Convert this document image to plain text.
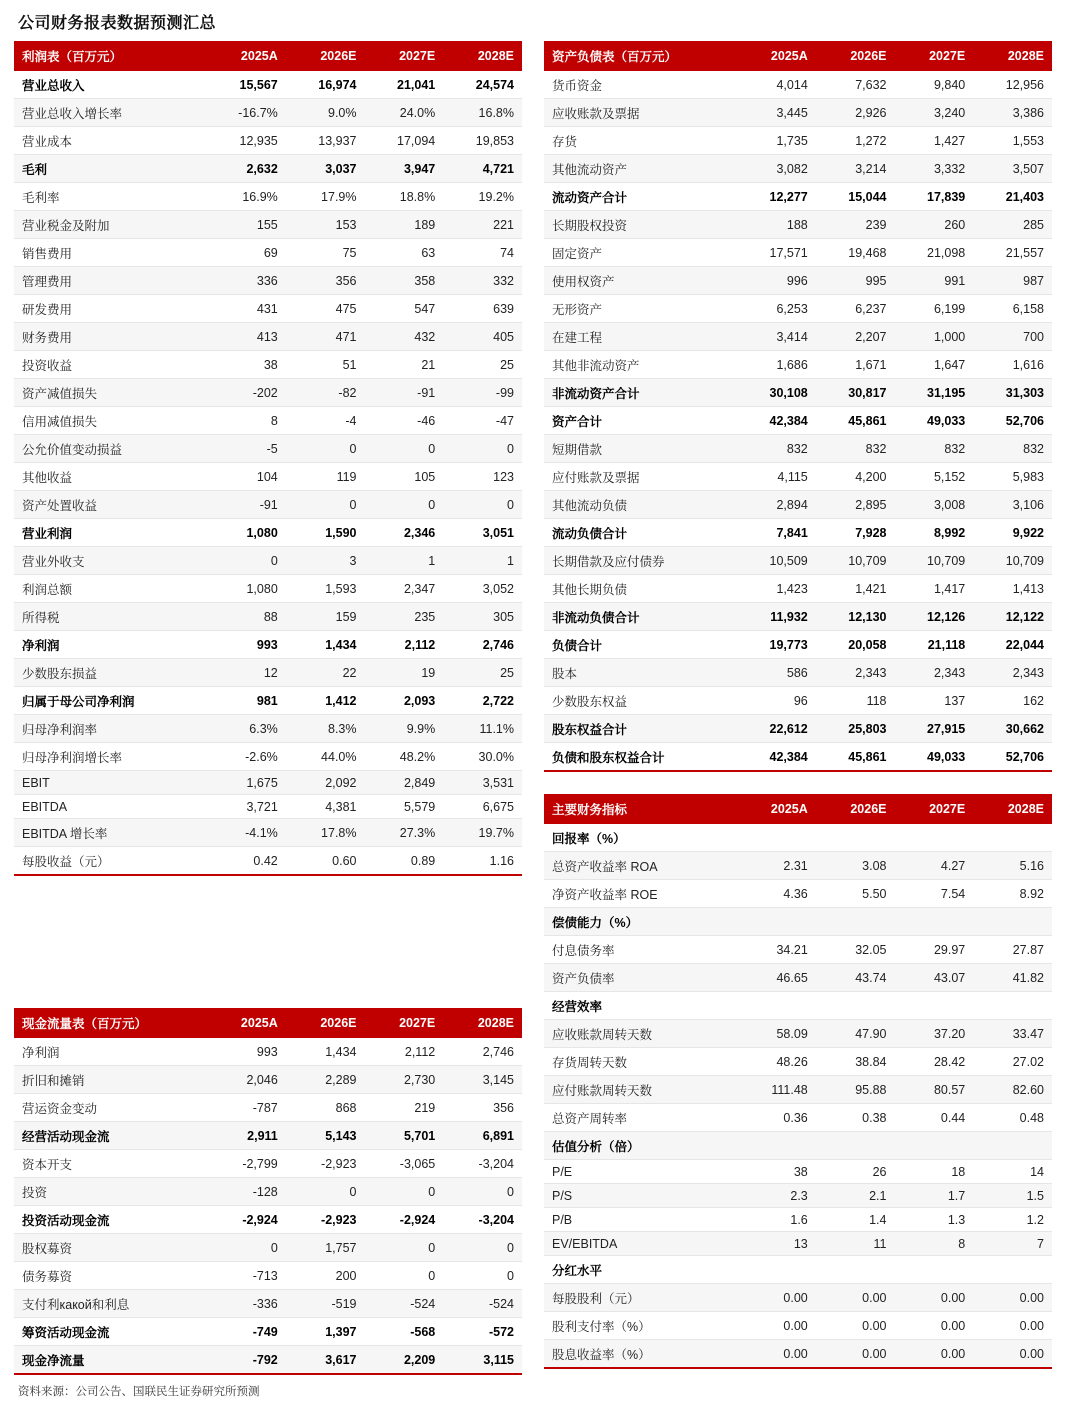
公司财务报表数据预测汇总
利润表（百万元）	2025A	2026E	2027E	2028E
营业总收入	15,567	16,974	21,041	24,574
营业总收入增长率	-16.7%	9.0%	24.0%	16.8%
营业成本	12,935	13,937	17,094	19,853
毛利	2,632	3,037	3,947	4,721
毛利率	16.9%	17.9%	18.8%	19.2%
营业税金及附加	155	153	189	221
销售费用	69	75	63	74
管理费用	336	356	358	332
研发费用	431	475	547	639
财务费用	413	471	432	405
投资收益	38	51	21	25
资产减值损失	-202	-82	-91	-99
信用减值损失	8	-4	-46	-47
公允价值变动损益	-5	0	0	0
其他收益	104	119	105	123
资产处置收益	-91	0	0	0
营业利润	1,080	1,590	2,346	3,051
营业外收支	0	3	1	1
利润总额	1,080	1,593	2,347	3,052
所得税	88	159	235	305
净利润	993	1,434	2,112	2,746
少数股东损益	12	22	19	25
归属于母公司净利润	981	1,412	2,093	2,722
归母净利润率	6.3%	8.3%	9.9%	11.1%
归母净利润增长率	-2.6%	44.0%	48.2%	30.0%
EBIT	1,675	2,092	2,849	3,531
EBITDA	3,721	4,381	5,579	6,675
EBITDA 增长率	-4.1%	17.8%	27.3%	19.7%
每股收益（元）	0.42	0.60	0.89	1.16
现金流量表（百万元）	2025A	2026E	2027E	2028E
净利润	993	1,434	2,112	2,746
折旧和摊销	2,046	2,289	2,730	3,145
营运资金变动	-787	868	219	356
经营活动现金流	2,911	5,143	5,701	6,891
资本开支	-2,799	-2,923	-3,065	-3,204
投资	-128	0	0	0
投资活动现金流	-2,924	-2,923	-2,924	-3,204
股权募资	0	1,757	0	0
债务募资	-713	200	0	0
支付利какой和利息	-336	-519	-524	-524
筹资活动现金流	-749	1,397	-568	-572
现金净流量	-792	3,617	2,209	3,115
资料来源：公司公告、国联民生证券研究所预测
资产负债表（百万元）	2025A	2026E	2027E	2028E
货币资金	4,014	7,632	9,840	12,956
应收账款及票据	3,445	2,926	3,240	3,386
存货	1,735	1,272	1,427	1,553
其他流动资产	3,082	3,214	3,332	3,507
流动资产合计	12,277	15,044	17,839	21,403
长期股权投资	188	239	260	285
固定资产	17,571	19,468	21,098	21,557
使用权资产	996	995	991	987
无形资产	6,253	6,237	6,199	6,158
在建工程	3,414	2,207	1,000	700
其他非流动资产	1,686	1,671	1,647	1,616
非流动资产合计	30,108	30,817	31,195	31,303
资产合计	42,384	45,861	49,033	52,706
短期借款	832	832	832	832
应付账款及票据	4,115	4,200	5,152	5,983
其他流动负债	2,894	2,895	3,008	3,106
流动负债合计	7,841	7,928	8,992	9,922
长期借款及应付债券	10,509	10,709	10,709	10,709
其他长期负债	1,423	1,421	1,417	1,413
非流动负债合计	11,932	12,130	12,126	12,122
负债合计	19,773	20,058	21,118	22,044
股本	586	2,343	2,343	2,343
少数股东权益	96	118	137	162
股东权益合计	22,612	25,803	27,915	30,662
负债和股东权益合计	42,384	45,861	49,033	52,706
主要财务指标	2025A	2026E	2027E	2028E
回报率（%）				
总资产收益率 ROA	2.31	3.08	4.27	5.16
净资产收益率 ROE	4.36	5.50	7.54	8.92
偿债能力（%）				
付息债务率	34.21	32.05	29.97	27.87
资产负债率	46.65	43.74	43.07	41.82
经营效率				
应收账款周转天数	58.09	47.90	37.20	33.47
存货周转天数	48.26	38.84	28.42	27.02
应付账款周转天数	111.48	95.88	80.57	82.60
总资产周转率	0.36	0.38	0.44	0.48
估值分析（倍）				
P/E	38	26	18	14
P/S	2.3	2.1	1.7	1.5
P/B	1.6	1.4	1.3	1.2
EV/EBITDA	13	11	8	7
分红水平				
每股股利（元）	0.00	0.00	0.00	0.00
股利支付率（%）	0.00	0.00	0.00	0.00
股息收益率（%）	0.00	0.00	0.00	0.00
